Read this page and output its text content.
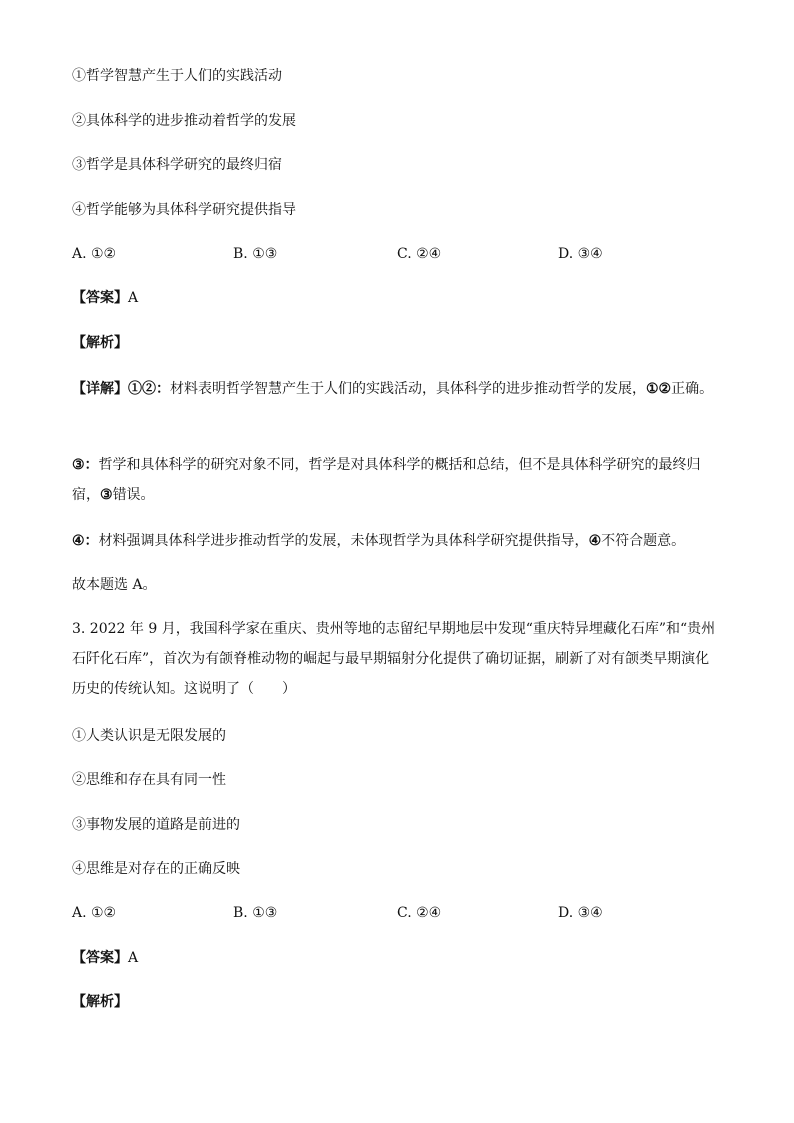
①哲学智慧产生于人们的实践活动
②具体科学的进步推动着哲学的发展
③哲学是具体科学研究的最终归宿
④哲学能够为具体科学研究提供指导
A. ①②	B. ①③	C. ②④	D. ③④
【答案】A
【解析】
【详解】①②：材料表明哲学智慧产生于人们的实践活动，具体科学的进步推动哲学的发展，①②正确。
③：哲学和具体科学的研究对象不同，哲学是对具体科学的概括和总结，但不是具体科学研究的最终归宿，③错误。
④：材料强调具体科学进步推动哲学的发展，未体现哲学为具体科学研究提供指导，④不符合题意。
故本题选 A。
3. 2022 年 9 月，我国科学家在重庆、贵州等地的志留纪早期地层中发现“重庆特异埋藏化石库”和“贵州石阡化石库”，首次为有颌脊椎动物的崛起与最早期辐射分化提供了确切证据，刷新了对有颌类早期演化历史的传统认知。这说明了（　　）
①人类认识是无限发展的
②思维和存在具有同一性
③事物发展的道路是前进的
④思维是对存在的正确反映
A. ①②	B. ①③	C. ②④	D. ③④
【答案】A
【解析】
